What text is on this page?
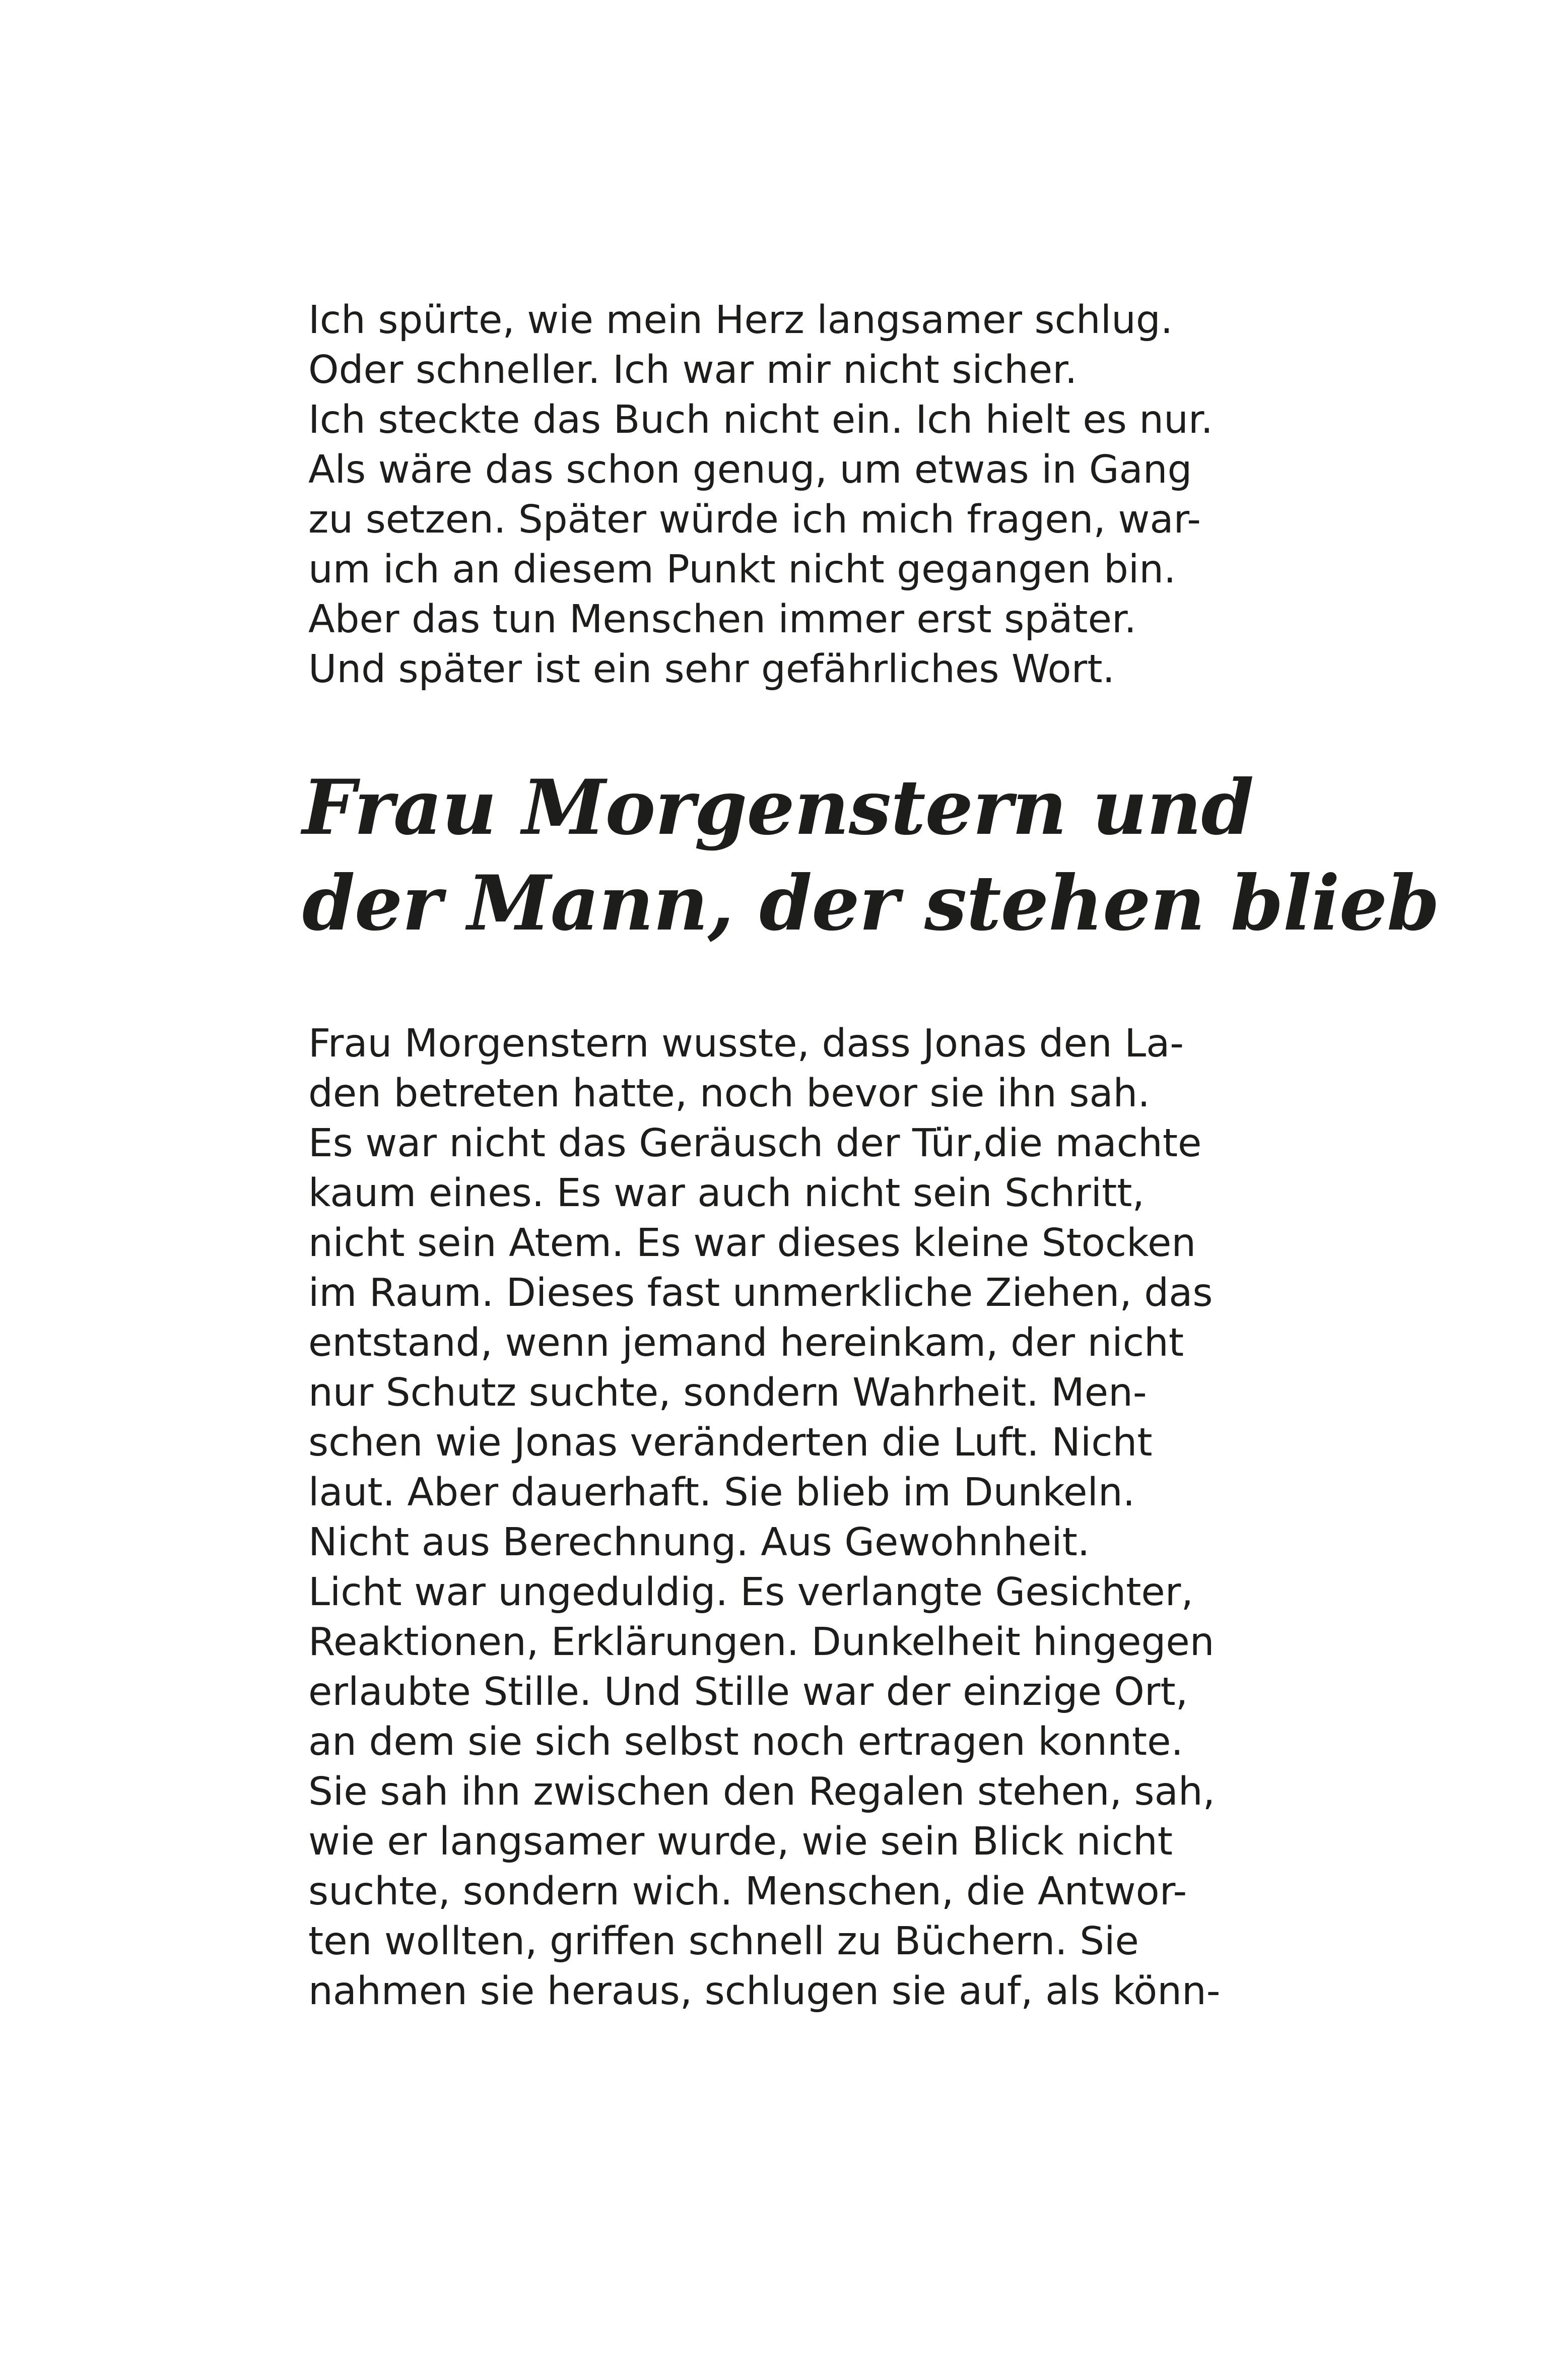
Ich spürte, wie mein Herz langsamer schlug.
Oder schneller. Ich war mir nicht sicher.
Ich steckte das Buch nicht ein. Ich hielt es nur.
Als wäre das schon genug, um etwas in Gang
zu setzen. Später würde ich mich fragen, war-
um ich an diesem Punkt nicht gegangen bin.
Aber das tun Menschen immer erst später.
Und später ist ein sehr gefährliches Wort.
Frau Morgenstern und
der Mann, der stehen blieb
Frau Morgenstern wusste, dass Jonas den La-
den betreten hatte, noch bevor sie ihn sah.
Es war nicht das Geräusch der Tür,die machte
kaum eines. Es war auch nicht sein Schritt,
nicht sein Atem. Es war dieses kleine Stocken
im Raum. Dieses fast unmerkliche Ziehen, das
entstand, wenn jemand hereinkam, der nicht
nur Schutz suchte, sondern Wahrheit. Men-
schen wie Jonas veränderten die Luft. Nicht
laut. Aber dauerhaft. Sie blieb im Dunkeln.
Nicht aus Berechnung. Aus Gewohnheit.
Licht war ungeduldig. Es verlangte Gesichter,
Reaktionen, Erklärungen. Dunkelheit hingegen
erlaubte Stille. Und Stille war der einzige Ort,
an dem sie sich selbst noch ertragen konnte.
Sie sah ihn zwischen den Regalen stehen, sah,
wie er langsamer wurde, wie sein Blick nicht
suchte, sondern wich. Menschen, die Antwor-
ten wollten, griffen schnell zu Büchern. Sie
nahmen sie heraus, schlugen sie auf, als könn-
